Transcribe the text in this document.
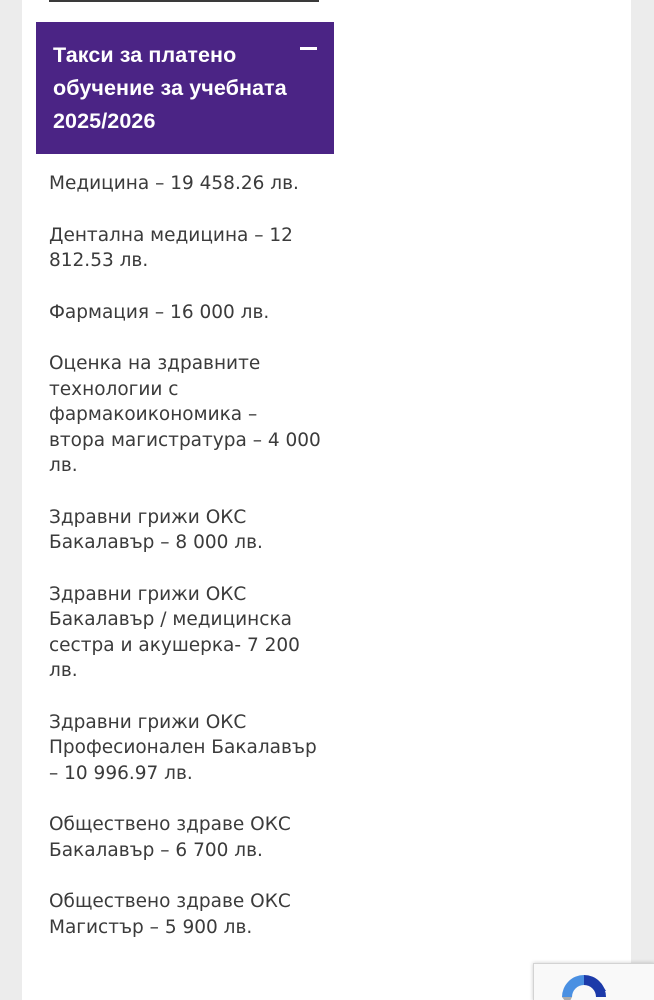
Такси за платено
обучение за учебната
2025/2026
Медицина – 19 458.26 лв.
Дентална медицина – 12
812.53 лв.
Фармация – 16 000 лв.
Оценка на здравните
технологии с
фармакоикономика –
втора магистратура – 4 000
лв.
Здравни грижи ОКС
Бакалавър – 8 000 лв.
Здравни грижи ОКС
Бакалавър / медицинска
сестра и акушерка- 7 200
лв.
Здравни грижи ОКС
Професионален Бакалавър
– 10 996.97 лв.
Обществено здраве ОКС
Бакалавър – 6 700 лв.
Обществено здраве ОКС
Магистър – 5 900 лв.
